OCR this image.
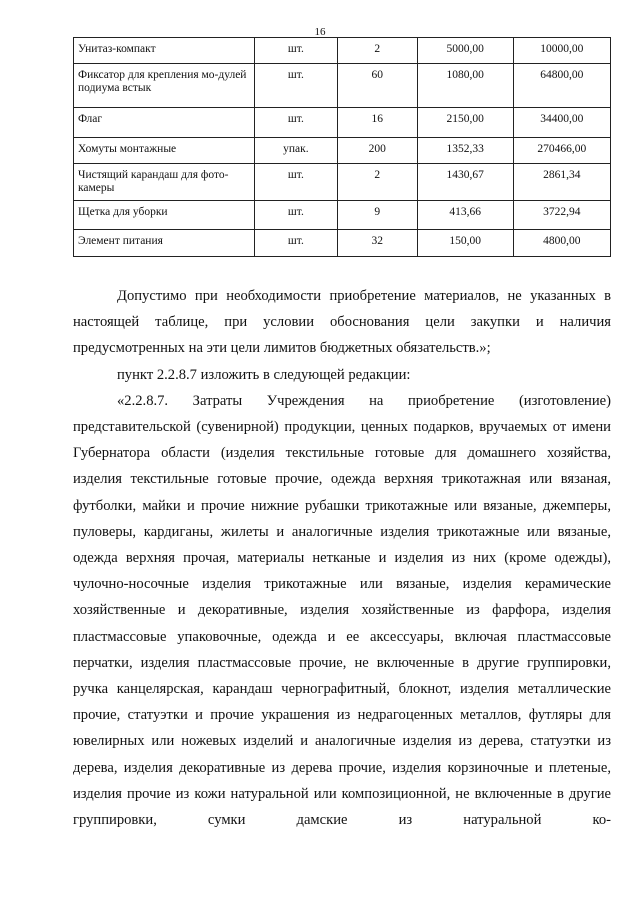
16
Унитаз-компакт	шт.	2	5000,00	10000,00
Фиксатор для крепления мо-дулей подиума встык	шт.	60	1080,00	64800,00
Флаг	шт.	16	2150,00	34400,00
Хомуты монтажные	упак.	200	1352,33	270466,00
Чистящий карандаш для фото-камеры	шт.	2	1430,67	2861,34
Щетка для уборки	шт.	9	413,66	3722,94
Элемент питания	шт.	32	150,00	4800,00

Допустимо при необходимости приобретение материалов, не указанных в настоящей таблице, при условии обоснования цели закупки и наличия предусмотренных на эти цели лимитов бюджетных обязательств.»;

пункт 2.2.8.7 изложить в следующей редакции:

«2.2.8.7. Затраты Учреждения на приобретение (изготовление) представительской (сувенирной) продукции, ценных подарков, вручаемых от имени Губернатора области (изделия текстильные готовые для домашнего хозяйства, изделия текстильные готовые прочие, одежда верхняя трикотажная или вязаная, футболки, майки и прочие нижние рубашки трикотажные или вязаные, джемперы, пуловеры, кардиганы, жилеты и аналогичные изделия трикотажные или вязаные, одежда верхняя прочая, материалы нетканые и изделия из них (кроме одежды), чулочно-носочные изделия трикотажные или вязаные, изделия керамические хозяйственные и декоративные, изделия хозяйственные из фарфора, изделия пластмассовые упаковочные, одежда и ее аксессуары, включая пластмассовые перчатки, изделия пластмассовые прочие, не включенные в другие группировки, ручка канцелярская, карандаш чернографитный, блокнот, изделия металлические прочие, статуэтки и прочие украшения из недрагоценных металлов, футляры для ювелирных или ножевых изделий и аналогичные изделия из дерева, статуэтки из дерева, изделия декоративные из дерева прочие, изделия корзиночные и плетеные, изделия прочие из кожи натуральной или композиционной, не включенные в другие группировки, сумки дамские из натуральной ко-
